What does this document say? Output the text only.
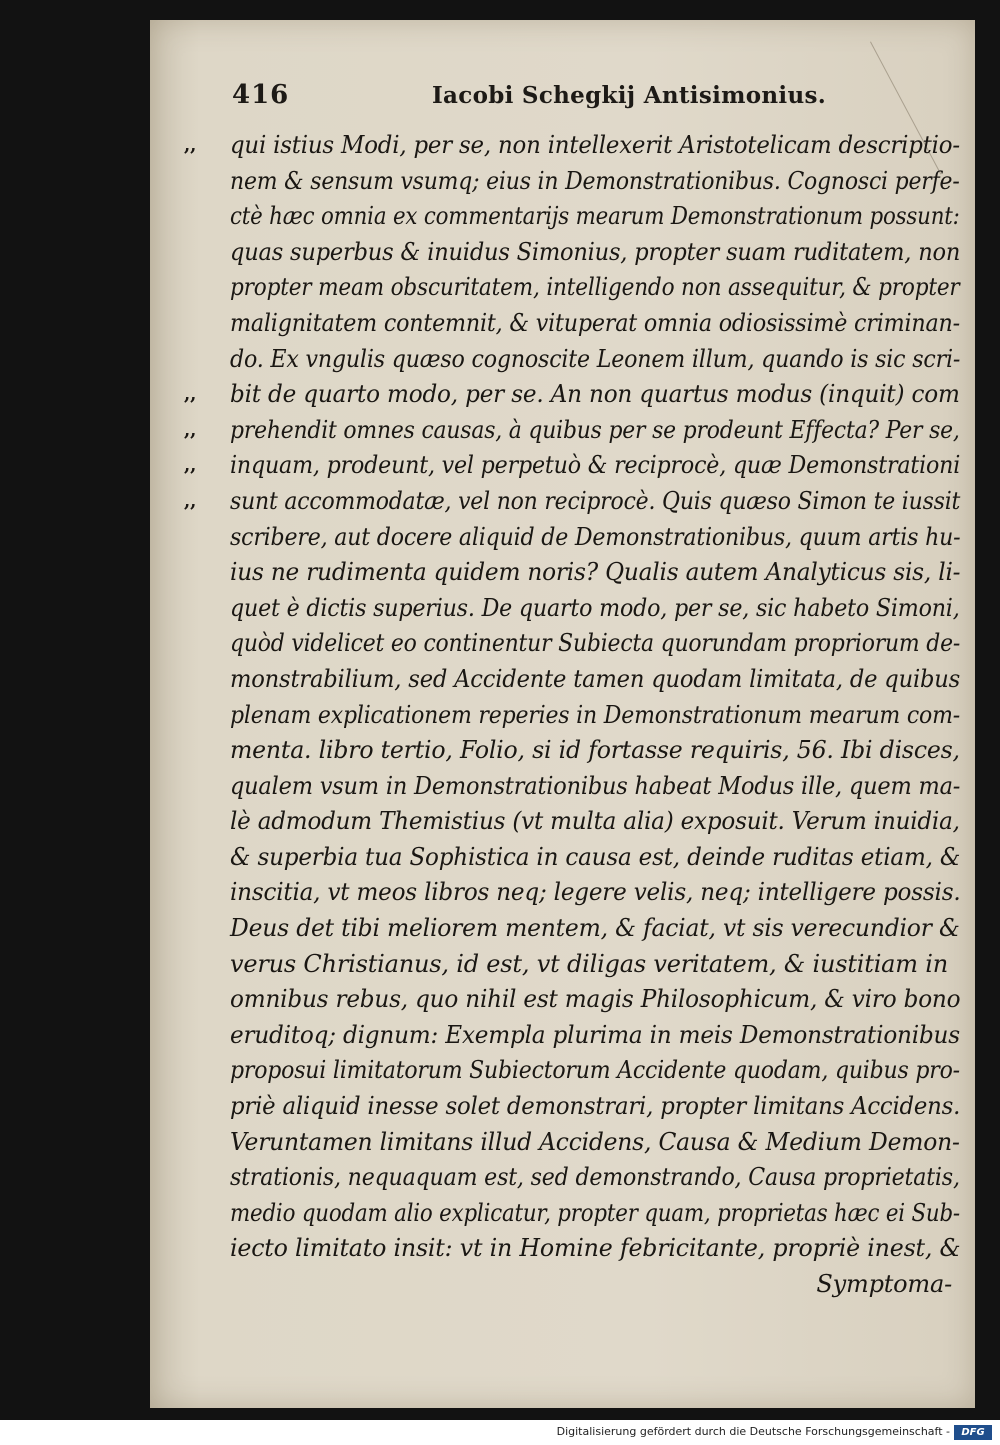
416	Iacobi Schegkij Antisimonius.
,,	qui istius Modi, per se, non intellexerit Aristotelicam descriptio-
nem & sensum vsumq; eius in Demonstrationibus. Cognosci perfe-
ctè hæc omnia ex commentarijs mearum Demonstrationum possunt:
quas superbus & inuidus Simonius, propter suam ruditatem, non
propter meam obscuritatem, intelligendo non assequitur, & propter
malignitatem contemnit, & vituperat omnia odiosissimè criminan-
do. Ex vngulis quæso cognoscite Leonem illum, quando is sic scri-
,,	bit de quarto modo, per se. An non quartus modus (inquit) com
,,	prehendit omnes causas, à quibus per se prodeunt Effecta? Per se,
,,	inquam, prodeunt, vel perpetuò & reciprocè, quæ Demonstrationi
,,	sunt accommodatæ, vel non reciprocè. Quis quæso Simon te iussit
scribere, aut docere aliquid de Demonstrationibus, quum artis hu-
ius ne rudimenta quidem noris? Qualis autem Analyticus sis, li-
quet è dictis superius. De quarto modo, per se, sic habeto Simoni,
quòd videlicet eo continentur Subiecta quorundam propriorum de-
monstrabilium, sed Accidente tamen quodam limitata, de quibus
plenam explicationem reperies in Demonstrationum mearum com-
menta. libro tertio, Folio, si id fortasse requiris, 56. Ibi disces,
qualem vsum in Demonstrationibus habeat Modus ille, quem ma-
lè admodum Themistius (vt multa alia) exposuit. Verum inuidia,
& superbia tua Sophistica in causa est, deinde ruditas etiam, &
inscitia, vt meos libros neq; legere velis, neq; intelligere possis.
Deus det tibi meliorem mentem, & faciat, vt sis verecundior &
verus Christianus, id est, vt diligas veritatem, & iustitiam in
omnibus rebus, quo nihil est magis Philosophicum, & viro bono
eruditoq; dignum: Exempla plurima in meis Demonstrationibus
proposui limitatorum Subiectorum Accidente quodam, quibus pro-
priè aliquid inesse solet demonstrari, propter limitans Accidens.
Veruntamen limitans illud Accidens, Causa & Medium Demon-
strationis, nequaquam est, sed demonstrando, Causa proprietatis,
medio quodam alio explicatur, propter quam, proprietas hæc ei Sub-
iecto limitato insit: vt in Homine febricitante, propriè inest, &
Symptoma-
Digitalisierung gefördert durch die Deutsche Forschungsgemeinschaft -	DFG
